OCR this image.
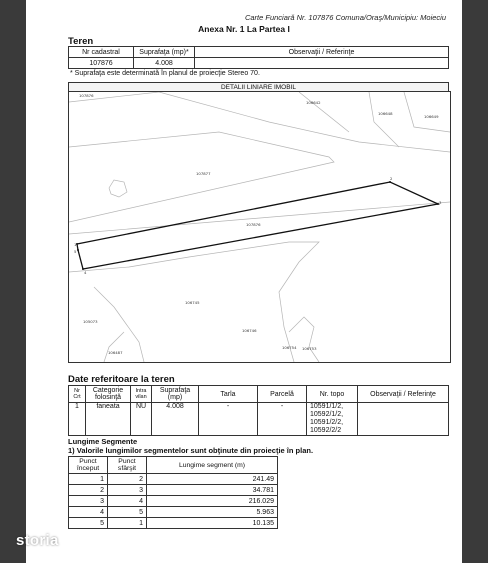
Carte Funciară Nr. 107876 Comuna/Oraş/Municipiu: Moieciu
Anexa Nr. 1 La Partea I
Teren
Nr cadastral	Suprafaţa (mp)*	Observaţii / Referinţe
107876	4.008	
* Suprafaţa este determinată în planul de proiecţie Stereo 70.
DETALII LINIARE IMOBIL
107876
106642
106648
106649
107877
107876
106745
105073
106746
106754 106753
106487
1
2
3
4
5
Date referitoare la teren
Nr Crt	Categorie folosinţă	Intra vilan	Suprafaţa (mp)	Tarla	Parcelă	Nr. topo	Observaţii / Referinţe
1	faneata	NU	4.008	-	-	10591/1/2,
10592/1/2,
10591/2/2,
10592/2/2	

Lungime Segmente
1) Valorile lungimilor segmentelor sunt obţinute din proiecţie în plan.
Punct început	Punct sfârşit	Lungime segment (m)
1	2	241.49
2	3	34.781
3	4	216.029
4	5	5.963
5	1	10.135
storia
